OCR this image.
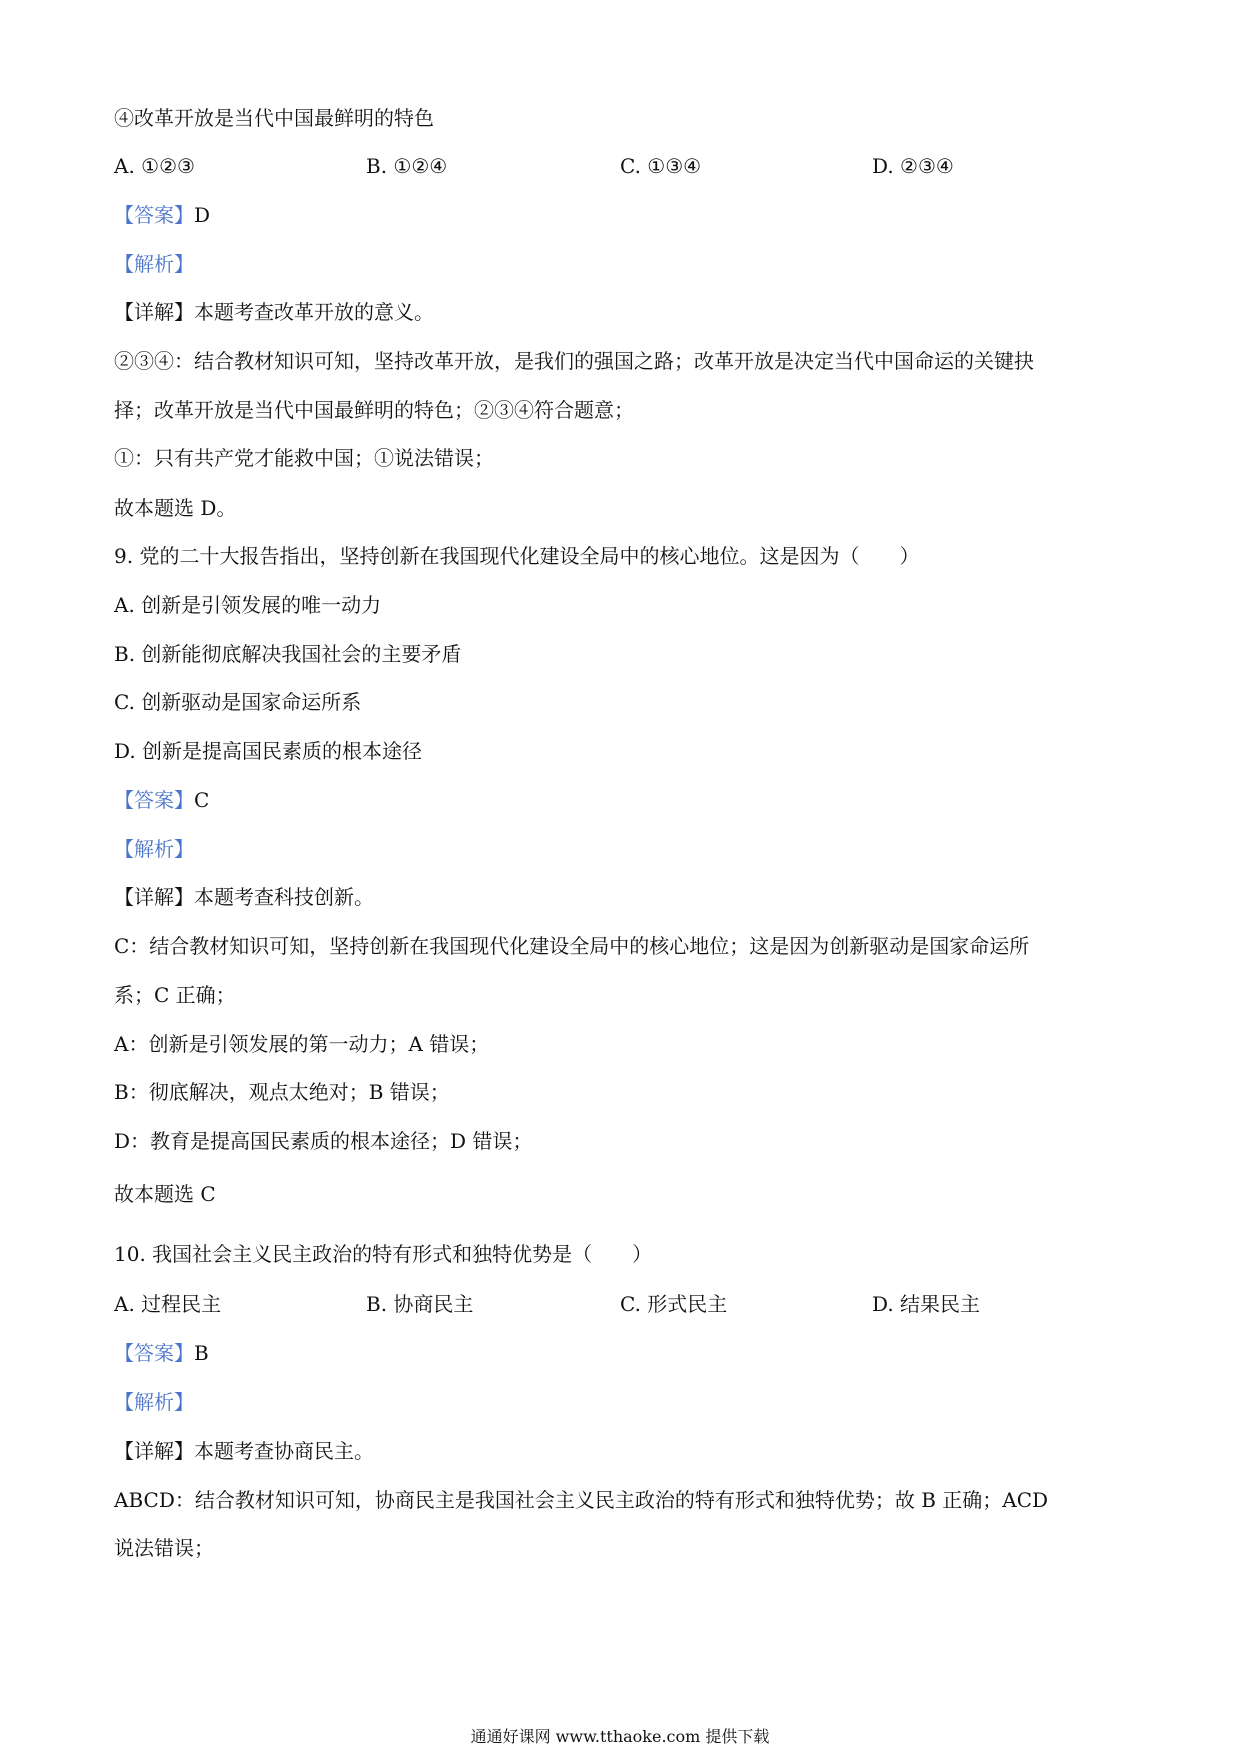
④改革开放是当代中国最鲜明的特色
A. ①②③	B. ①②④	C. ①③④	D. ②③④
【答案】D
【解析】
【详解】本题考查改革开放的意义。
②③④：结合教材知识可知，坚持改革开放，是我们的强国之路；改革开放是决定当代中国命运的关键抉
择；改革开放是当代中国最鲜明的特色；②③④符合题意；
①：只有共产党才能救中国；①说法错误；
故本题选 D。
9. 党的二十大报告指出，坚持创新在我国现代化建设全局中的核心地位。这是因为（　　）
A. 创新是引领发展的唯一动力
B. 创新能彻底解决我国社会的主要矛盾
C. 创新驱动是国家命运所系
D. 创新是提高国民素质的根本途径
【答案】C
【解析】
【详解】本题考查科技创新。
C：结合教材知识可知，坚持创新在我国现代化建设全局中的核心地位；这是因为创新驱动是国家命运所
系；C 正确；
A：创新是引领发展的第一动力；A 错误；
B：彻底解决，观点太绝对；B 错误；
D：教育是提高国民素质的根本途径；D 错误；
故本题选 C
10. 我国社会主义民主政治的特有形式和独特优势是（　　）
A. 过程民主	B. 协商民主	C. 形式民主	D. 结果民主
【答案】B
【解析】
【详解】本题考查协商民主。
ABCD：结合教材知识可知，协商民主是我国社会主义民主政治的特有形式和独特优势；故 B 正确；ACD
说法错误；
通通好课网 www.tthaoke.com 提供下载
